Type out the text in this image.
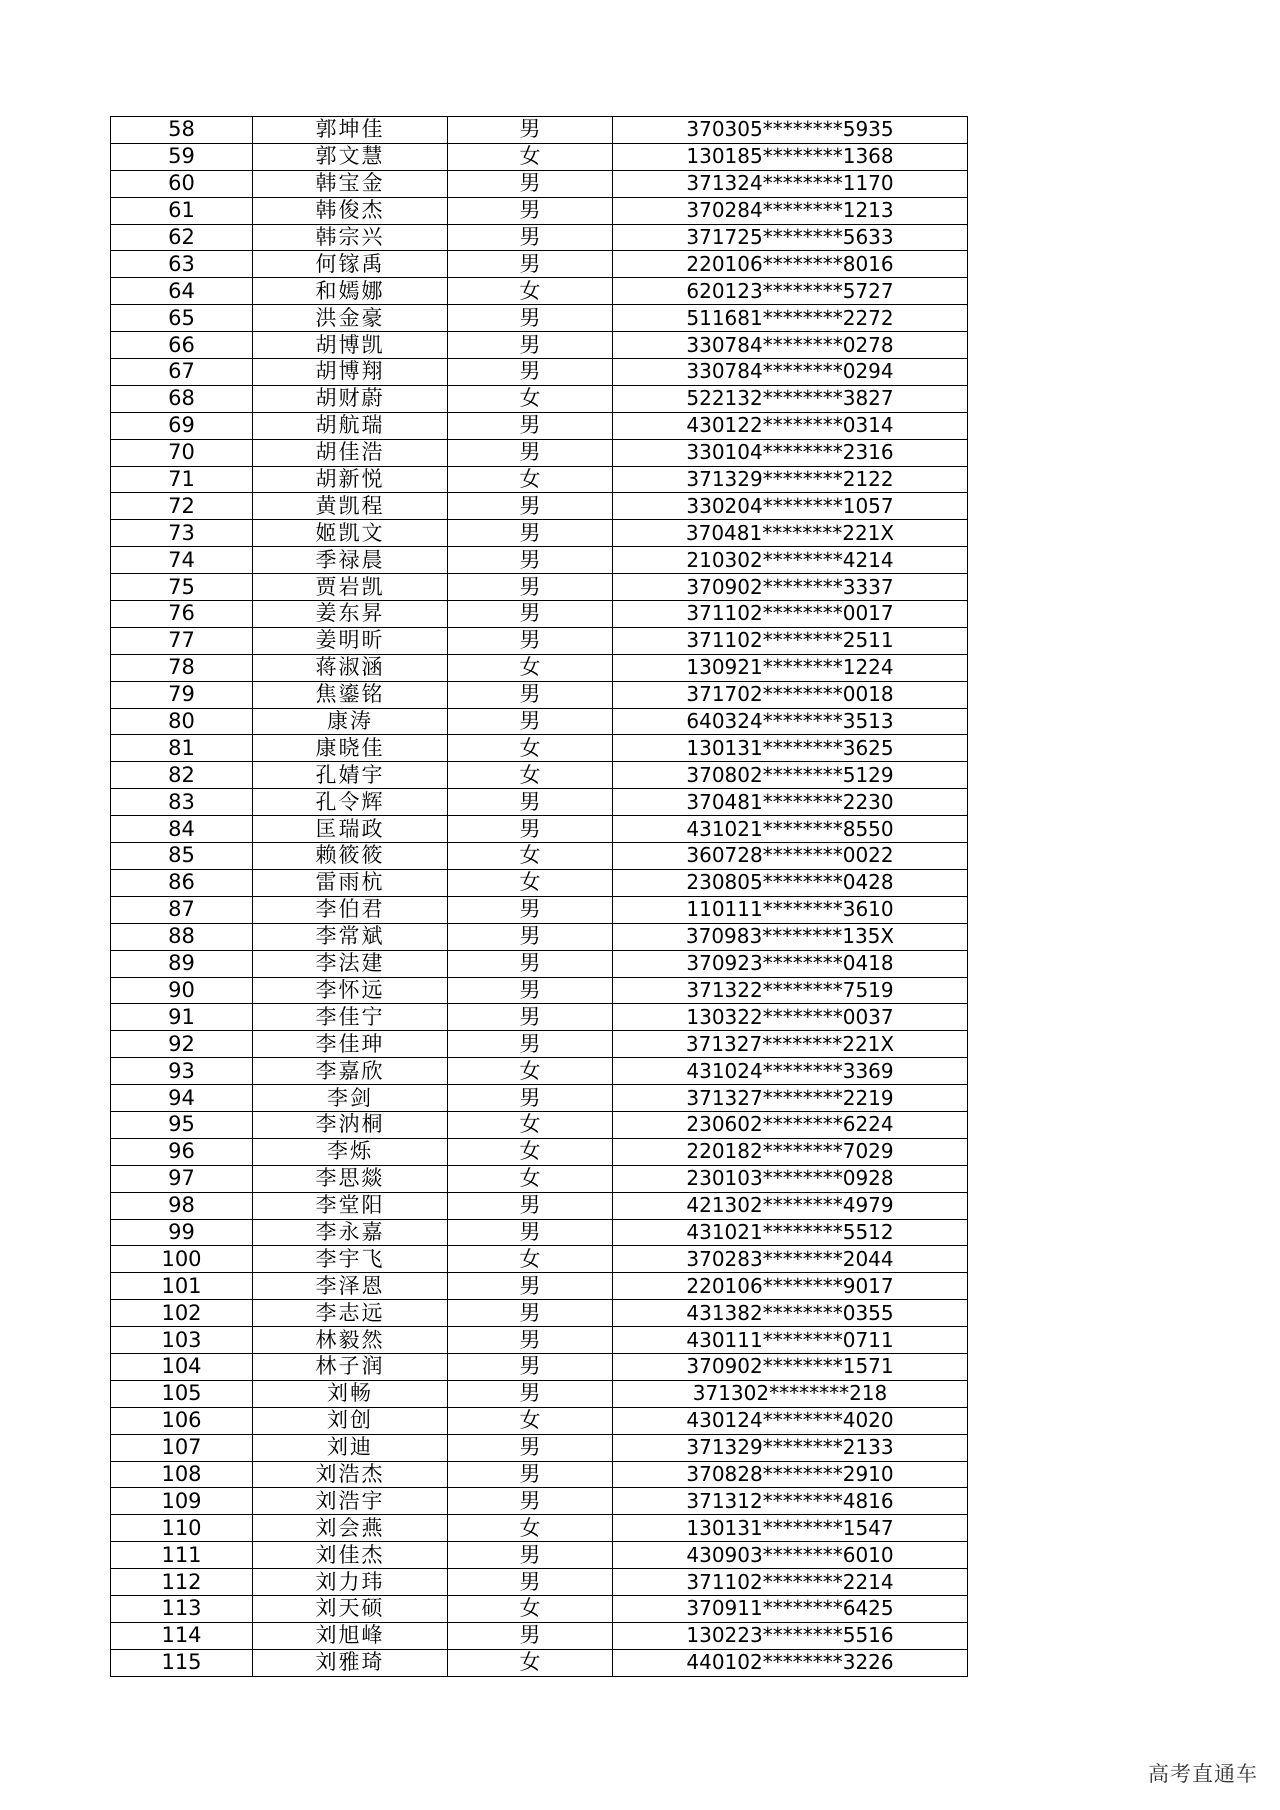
58	郭坤佳	男	370305********5935
59	郭文慧	女	130185********1368
60	韩宝金	男	371324********1170
61	韩俊杰	男	370284********1213
62	韩宗兴	男	371725********5633
63	何镓禹	男	220106********8016
64	和嫣娜	女	620123********5727
65	洪金豪	男	511681********2272
66	胡博凯	男	330784********0278
67	胡博翔	男	330784********0294
68	胡财蔚	女	522132********3827
69	胡航瑞	男	430122********0314
70	胡佳浩	男	330104********2316
71	胡新悦	女	371329********2122
72	黄凯程	男	330204********1057
73	姬凯文	男	370481********221X
74	季禄晨	男	210302********4214
75	贾岩凯	男	370902********3337
76	姜东昇	男	371102********0017
77	姜明昕	男	371102********2511
78	蒋淑涵	女	130921********1224
79	焦鎏铭	男	371702********0018
80	康涛	男	640324********3513
81	康晓佳	女	130131********3625
82	孔婧宇	女	370802********5129
83	孔令辉	男	370481********2230
84	匡瑞政	男	431021********8550
85	赖筱筱	女	360728********0022
86	雷雨杭	女	230805********0428
87	李伯君	男	110111********3610
88	李常斌	男	370983********135X
89	李法建	男	370923********0418
90	李怀远	男	371322********7519
91	李佳宁	男	130322********0037
92	李佳珅	男	371327********221X
93	李嘉欣	女	431024********3369
94	李剑	男	371327********2219
95	李汭桐	女	230602********6224
96	李烁	女	220182********7029
97	李思燚	女	230103********0928
98	李堂阳	男	421302********4979
99	李永嘉	男	431021********5512
100	李宇飞	女	370283********2044
101	李泽恩	男	220106********9017
102	李志远	男	431382********0355
103	林毅然	男	430111********0711
104	林子润	男	370902********1571
105	刘畅	男	371302********218
106	刘创	女	430124********4020
107	刘迪	男	371329********2133
108	刘浩杰	男	370828********2910
109	刘浩宇	男	371312********4816
110	刘会燕	女	130131********1547
111	刘佳杰	男	430903********6010
112	刘力玮	男	371102********2214
113	刘天硕	女	370911********6425
114	刘旭峰	男	130223********5516
115	刘雅琦	女	440102********3226
高考直通车
